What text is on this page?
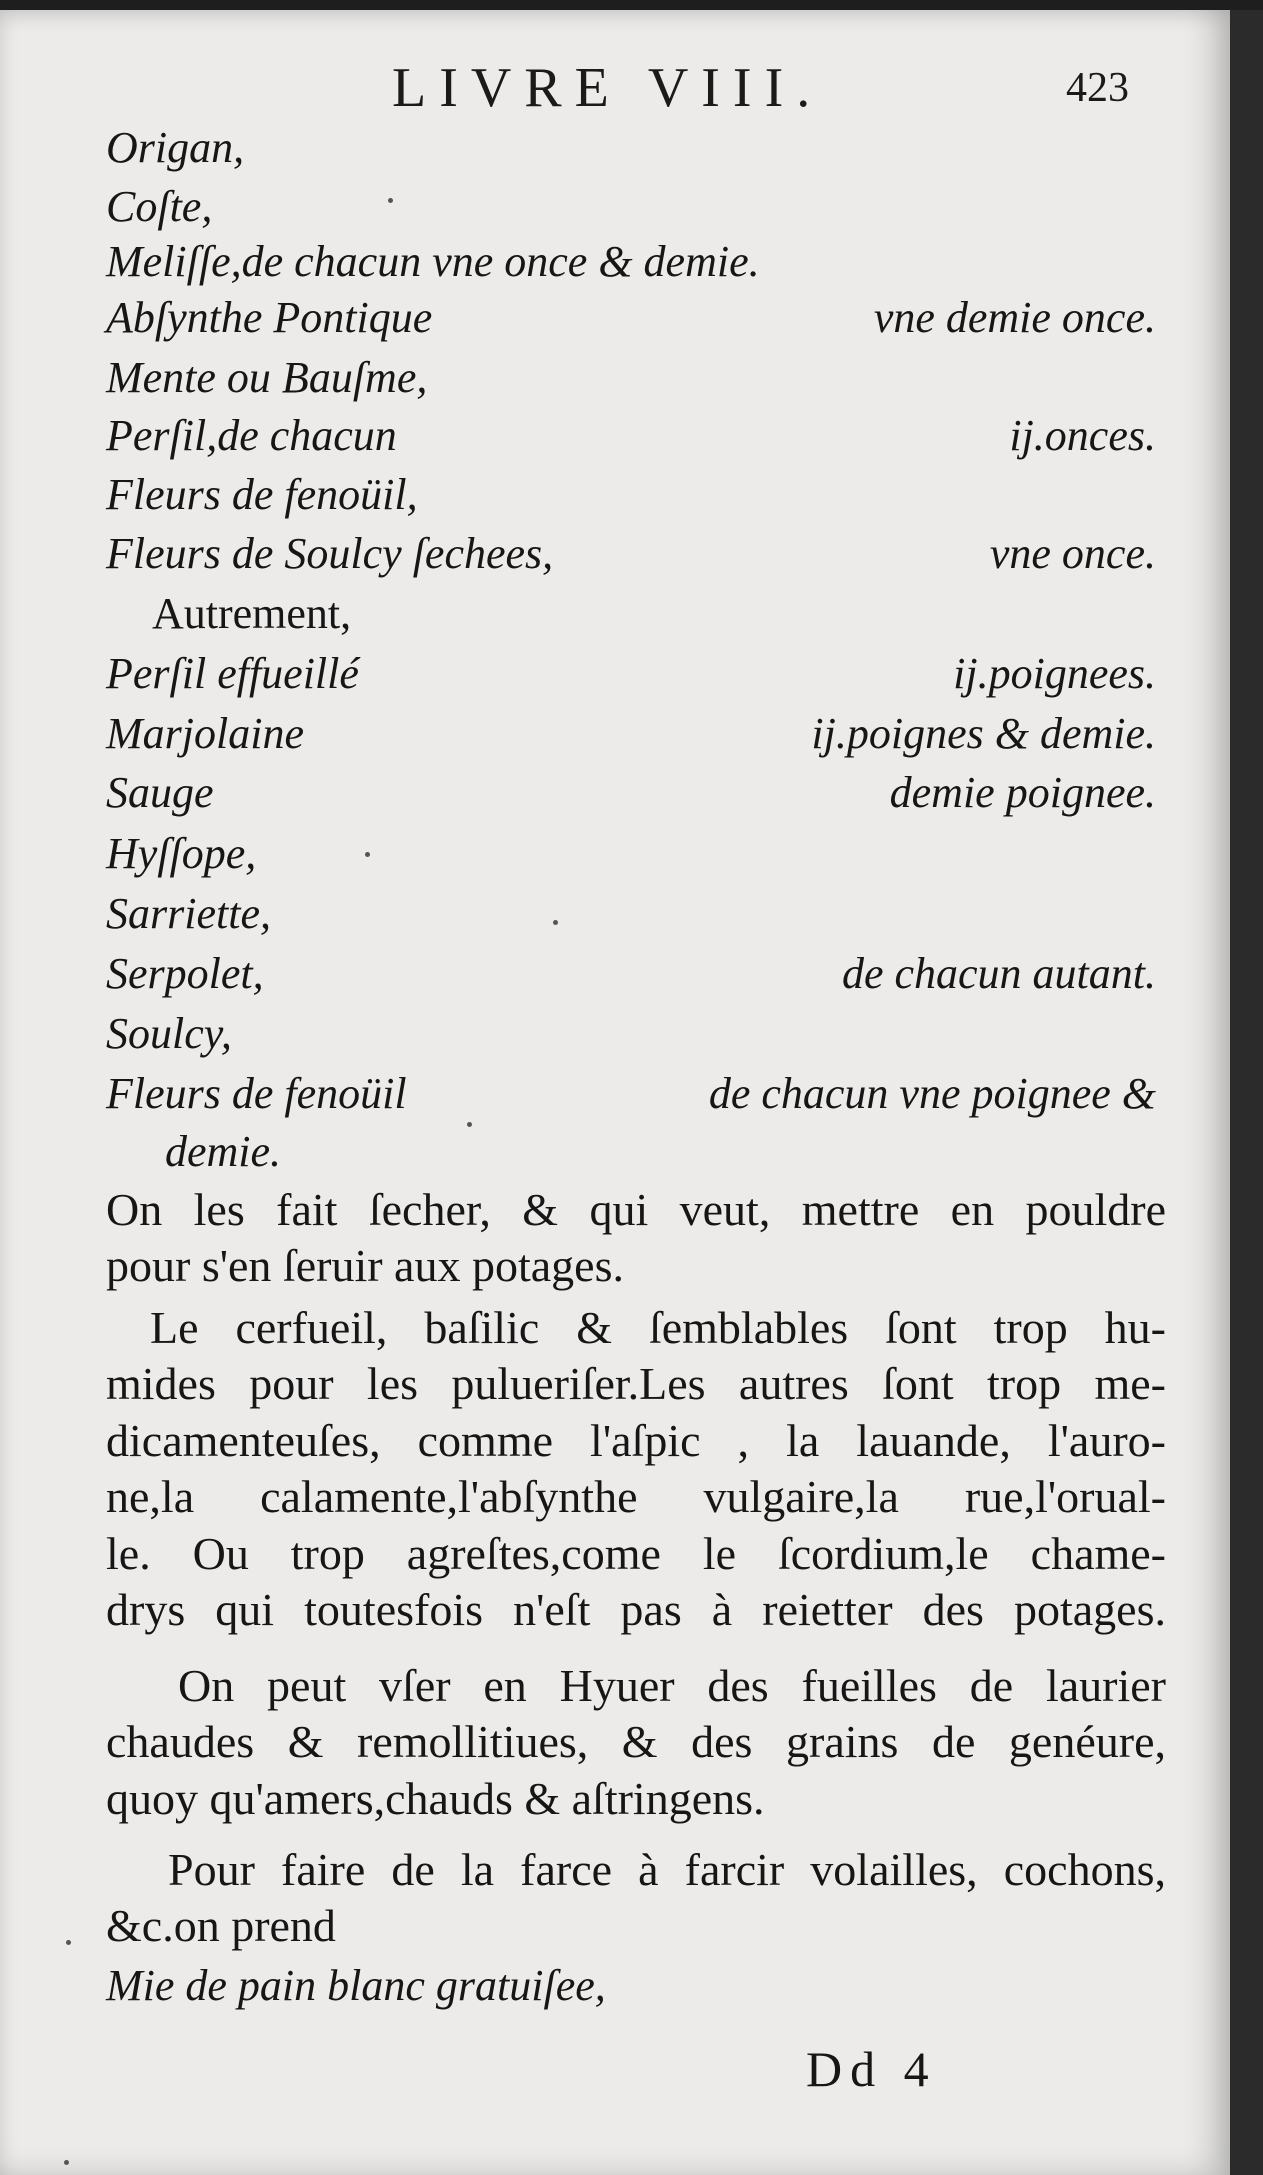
LIVRE VIII.	423
Origan,
Coſte,
Meliſſe,de chacun vne once & demie.
Abſynthe Pontique	vne demie once.
Mente ou Bauſme,
Perſil,de chacun	ij.onces.
Fleurs de fenoüil,
Fleurs de Soulcy ſechees,	vne once.
Autrement,
Perſil effueillé	ij.poignees.
Marjolaine	ij.poignes & demie.
Sauge	demie poignee.
Hyſſope,
Sarriette,
Serpolet,	de chacun autant.
Soulcy,
Fleurs de fenoüil	de chacun vne poignee &
demie.
On les fait ſecher, & qui veut, mettre en pouldre
pour s'en ſeruir aux potages.
Le cerfueil, baſilic & ſemblables ſont trop hu-
mides pour les pulueriſer.Les autres ſont trop me-
dicamenteuſes, comme l'aſpic , la lauande, l'auro-
ne,la calamente,l'abſynthe vulgaire,la rue,l'orual-
le. Ou trop agreſtes,come le ſcordium,le chame-
drys qui toutesfois n'eſt pas à reietter des potages.
On peut vſer en Hyuer des fueilles de laurier
chaudes & remollitiues, & des grains de genéure,
quoy qu'amers,chauds & aſtringens.
Pour faire de la farce à farcir volailles, cochons,
&c.on prend
Mie de pain blanc gratuiſee,
Dd 4
